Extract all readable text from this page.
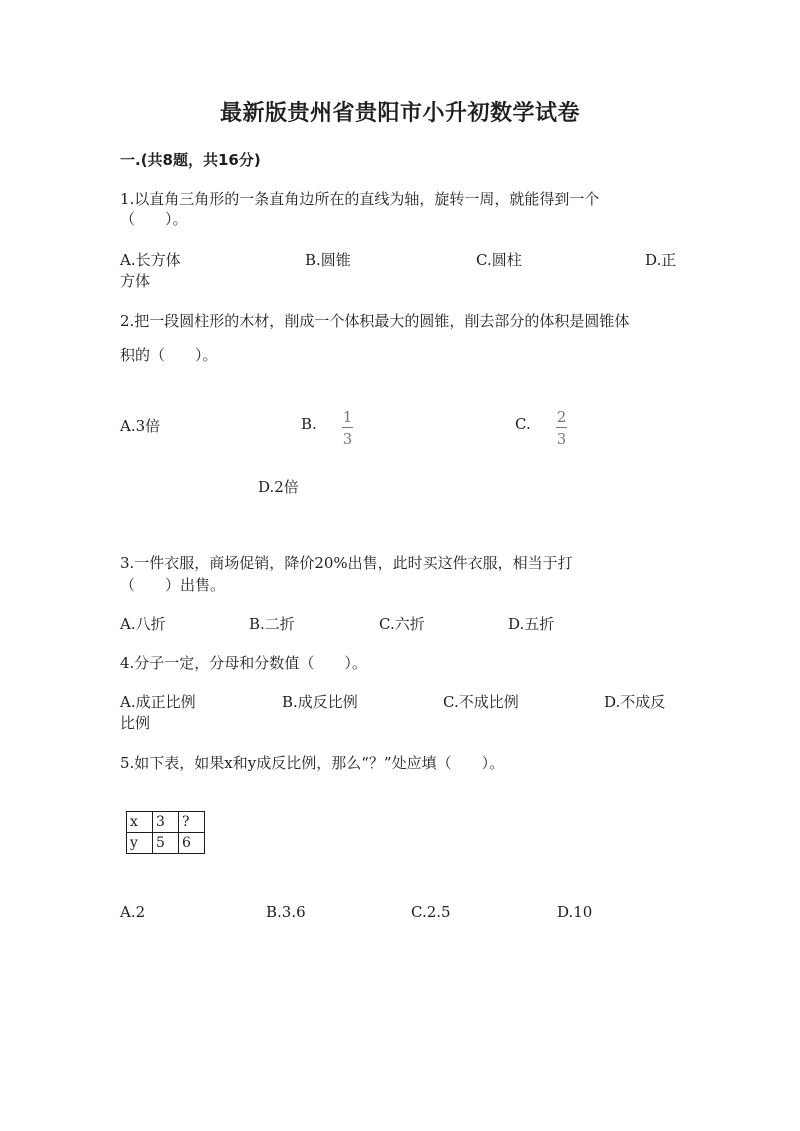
最新版贵州省贵阳市小升初数学试卷
一.(共8题，共16分)
1.以直角三角形的一条直角边所在的直线为轴，旋转一周，就能得到一个
（　　）。
A.长方体	B.圆锥	C.圆柱	D.正
方体
2.把一段圆柱形的木材，削成一个体积最大的圆锥，削去部分的体积是圆锥体
积的（　　）。
A.3倍	B. 1
3
C. 2
3
D.2倍
3.一件衣服，商场促销，降价20%出售，此时买这件衣服，相当于打
（　　）出售。
A.八折	B.二折	C.六折	D.五折
4.分子一定，分母和分数值（　　）。
A.成正比例	B.成反比例	C.不成比例	D.不成反
比例
5.如下表，如果x和y成反比例，那么“？”处应填（　　）。
x	3	?
y	5	6
A.2	B.3.6	C.2.5	D.10
